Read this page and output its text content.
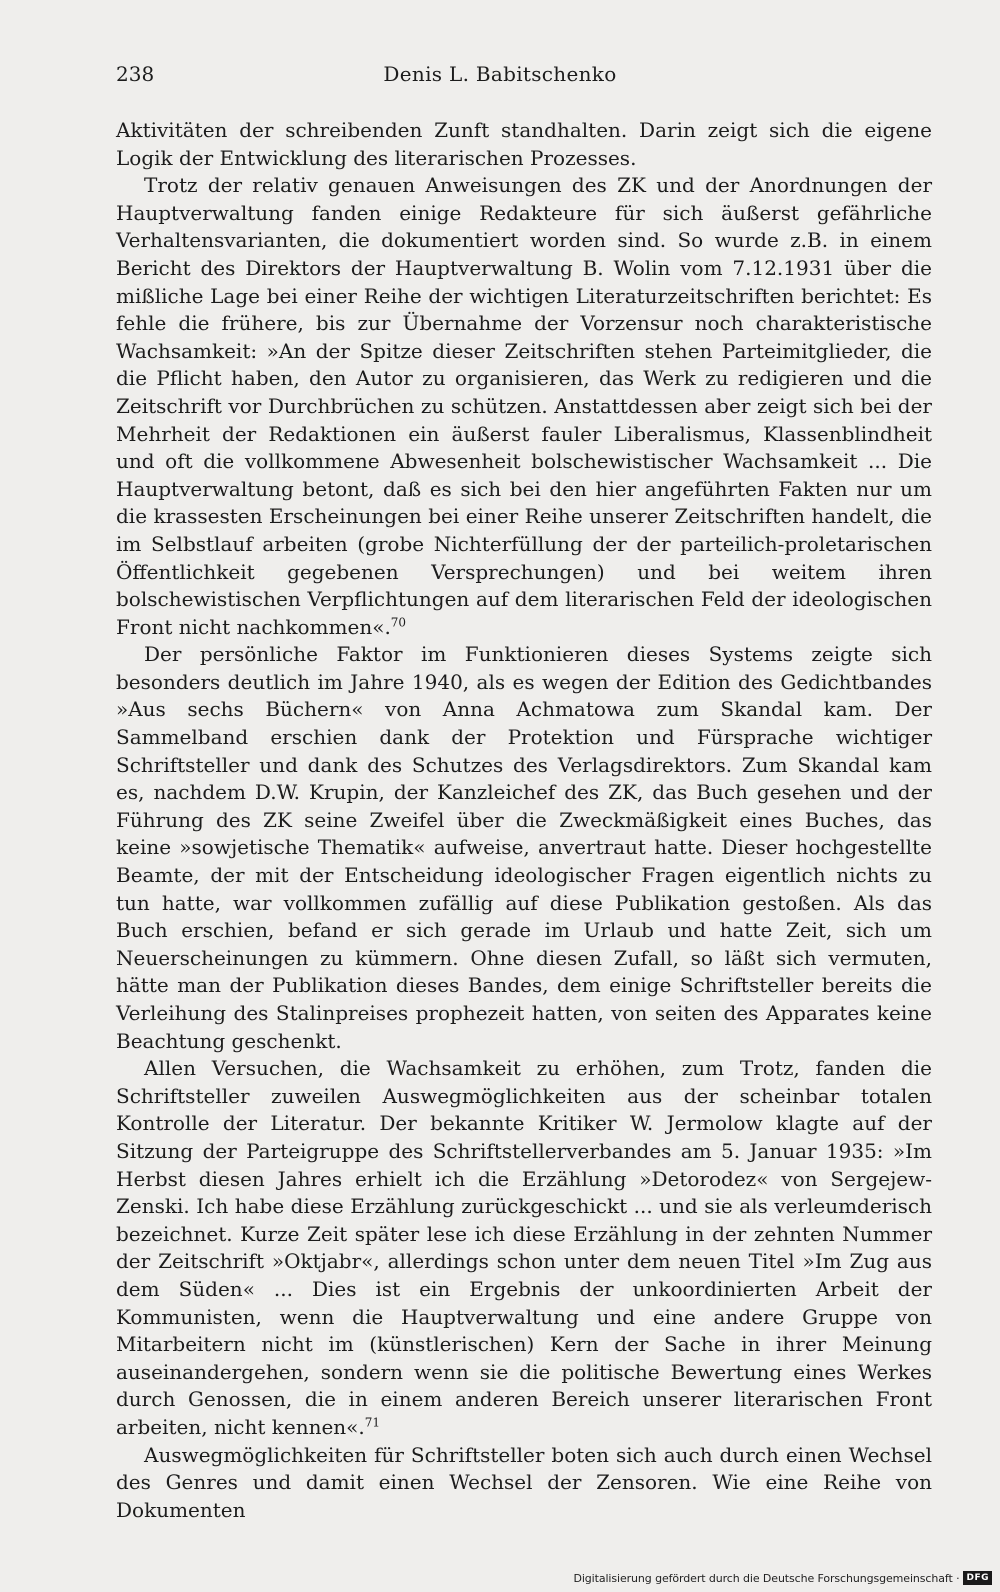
238	Denis L. Babitschenko

Aktivitäten der schreibenden Zunft standhalten. Darin zeigt sich die eigene Logik der Entwicklung des literarischen Prozesses.

Trotz der relativ genauen Anweisungen des ZK und der Anordnungen der Hauptverwaltung fanden einige Redakteure für sich äußerst gefährliche Verhaltensvarianten, die dokumentiert worden sind. So wurde z.B. in einem Bericht des Direktors der Hauptverwaltung B. Wolin vom 7.12.1931 über die mißliche Lage bei einer Reihe der wichtigen Literaturzeitschriften berichtet: Es fehle die frühere, bis zur Übernahme der Vorzensur noch charakteristische Wachsamkeit: »An der Spitze dieser Zeitschriften stehen Parteimitglieder, die die Pflicht haben, den Autor zu organisieren, das Werk zu redigieren und die Zeitschrift vor Durchbrüchen zu schützen. Anstattdessen aber zeigt sich bei der Mehrheit der Redaktionen ein äußerst fauler Liberalismus, Klassenblindheit und oft die vollkommene Abwesenheit bolschewistischer Wachsamkeit ... Die Hauptverwaltung betont, daß es sich bei den hier angeführten Fakten nur um die krassesten Erscheinungen bei einer Reihe unserer Zeitschriften handelt, die im Selbstlauf arbeiten (grobe Nichterfüllung der der parteilich-proletarischen Öffentlichkeit gegebenen Versprechungen) und bei weitem ihren bolschewistischen Verpflichtungen auf dem literarischen Feld der ideologischen Front nicht nachkommen«.$^{70}$

Der persönliche Faktor im Funktionieren dieses Systems zeigte sich besonders deutlich im Jahre 1940, als es wegen der Edition des Gedichtbandes »Aus sechs Büchern« von Anna Achmatowa zum Skandal kam. Der Sammelband erschien dank der Protektion und Fürsprache wichtiger Schriftsteller und dank des Schutzes des Verlagsdirektors. Zum Skandal kam es, nachdem D.W. Krupin, der Kanzleichef des ZK, das Buch gesehen und der Führung des ZK seine Zweifel über die Zweckmäßigkeit eines Buches, das keine »sowjetische Thematik« aufweise, anvertraut hatte. Dieser hochgestellte Beamte, der mit der Entscheidung ideologischer Fragen eigentlich nichts zu tun hatte, war vollkommen zufällig auf diese Publikation gestoßen. Als das Buch erschien, befand er sich gerade im Urlaub und hatte Zeit, sich um Neuerscheinungen zu kümmern. Ohne diesen Zufall, so läßt sich vermuten, hätte man der Publikation dieses Bandes, dem einige Schriftsteller bereits die Verleihung des Stalinpreises prophezeit hatten, von seiten des Apparates keine Beachtung geschenkt.

Allen Versuchen, die Wachsamkeit zu erhöhen, zum Trotz, fanden die Schriftsteller zuweilen Auswegmöglichkeiten aus der scheinbar totalen Kontrolle der Literatur. Der bekannte Kritiker W. Jermolow klagte auf der Sitzung der Parteigruppe des Schriftstellerverbandes am 5. Januar 1935: »Im Herbst diesen Jahres erhielt ich die Erzählung »Detorodez« von Sergejew-Zenski. Ich habe diese Erzählung zurückgeschickt ... und sie als verleumderisch bezeichnet. Kurze Zeit später lese ich diese Erzählung in der zehnten Nummer der Zeitschrift »Oktjabr«, allerdings schon unter dem neuen Titel »Im Zug aus dem Süden« ... Dies ist ein Ergebnis der unkoordinierten Arbeit der Kommunisten, wenn die Hauptverwaltung und eine andere Gruppe von Mitarbeitern nicht im (künstlerischen) Kern der Sache in ihrer Meinung auseinandergehen, sondern wenn sie die politische Bewertung eines Werkes durch Genossen, die in einem anderen Bereich unserer literarischen Front arbeiten, nicht kennen«.$^{71}$

Auswegmöglichkeiten für Schriftsteller boten sich auch durch einen Wechsel des Genres und damit einen Wechsel der Zensoren. Wie eine Reihe von Dokumenten

Digitalisierung gefördert durch die Deutsche Forschungsgemeinschaft · DFG
